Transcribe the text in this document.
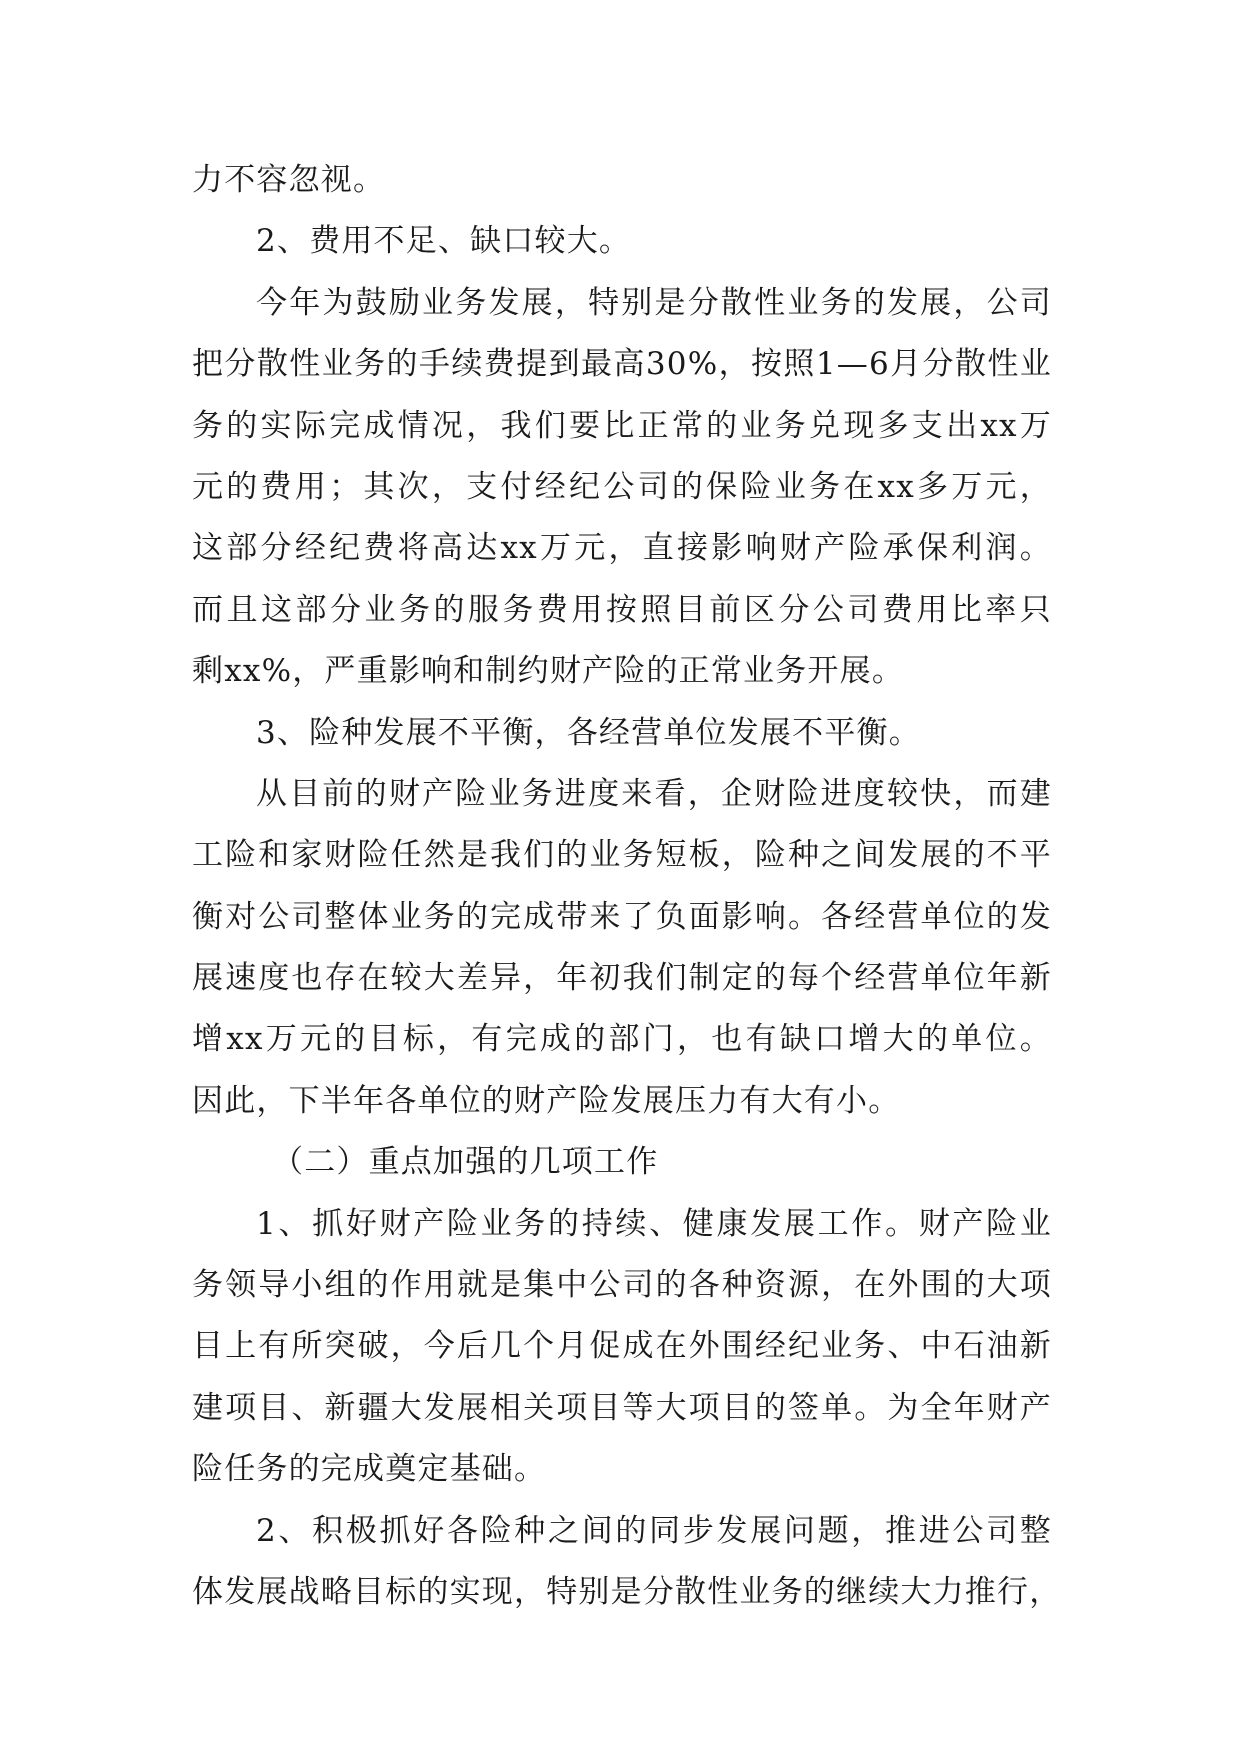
力不容忽视。
2、费用不足、缺口较大。
今年为鼓励业务发展，特别是分散性业务的发展，公司
把分散性业务的手续费提到最高30%，按照1—6月分散性业
务的实际完成情况，我们要比正常的业务兑现多支出xx万
元的费用；其次，支付经纪公司的保险业务在xx多万元，
这部分经纪费将高达xx万元，直接影响财产险承保利润。
而且这部分业务的服务费用按照目前区分公司费用比率只
剩xx%，严重影响和制约财产险的正常业务开展。
3、险种发展不平衡，各经营单位发展不平衡。
从目前的财产险业务进度来看，企财险进度较快，而建
工险和家财险任然是我们的业务短板，险种之间发展的不平
衡对公司整体业务的完成带来了负面影响。各经营单位的发
展速度也存在较大差异，年初我们制定的每个经营单位年新
增xx万元的目标，有完成的部门，也有缺口增大的单位。
因此，下半年各单位的财产险发展压力有大有小。
（二）重点加强的几项工作
1、抓好财产险业务的持续、健康发展工作。财产险业
务领导小组的作用就是集中公司的各种资源，在外围的大项
目上有所突破，今后几个月促成在外围经纪业务、中石油新
建项目、新疆大发展相关项目等大项目的签单。为全年财产
险任务的完成奠定基础。
2、积极抓好各险种之间的同步发展问题，推进公司整
体发展战略目标的实现，特别是分散性业务的继续大力推行，
